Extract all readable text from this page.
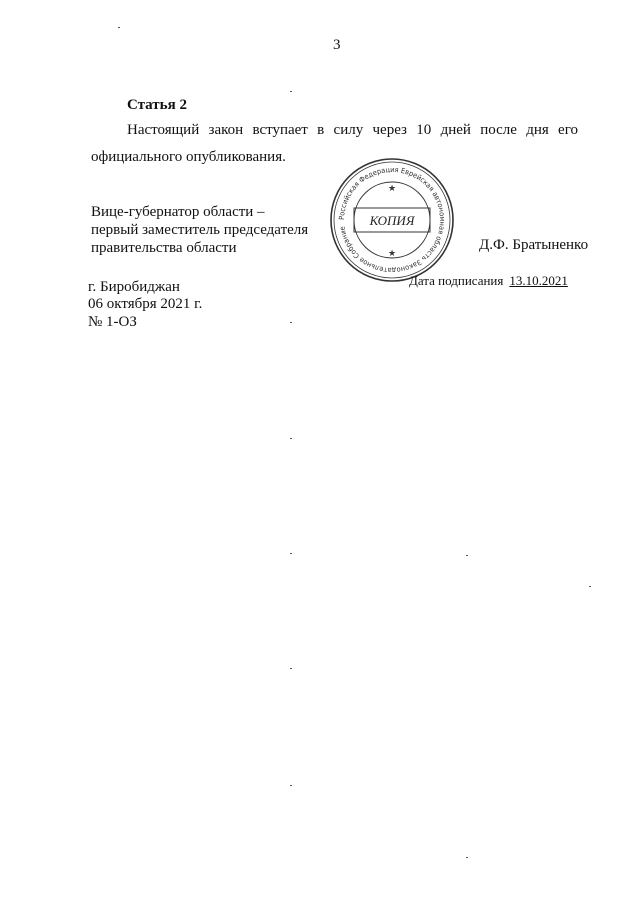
3
Статья 2
Настоящий закон вступает в силу через 10 дней после дня его
официального опубликования.
Вице-губернатор области –
первый заместитель председателя
правительства области
Российская Федерация Еврейская автономная область Законодательное Собрание
КОПИЯ
★
★	Д.Ф. Братыненко
Дата подписания 13.10.2021
г. Биробиджан
06 октября 2021 г.
№ 1-ОЗ
